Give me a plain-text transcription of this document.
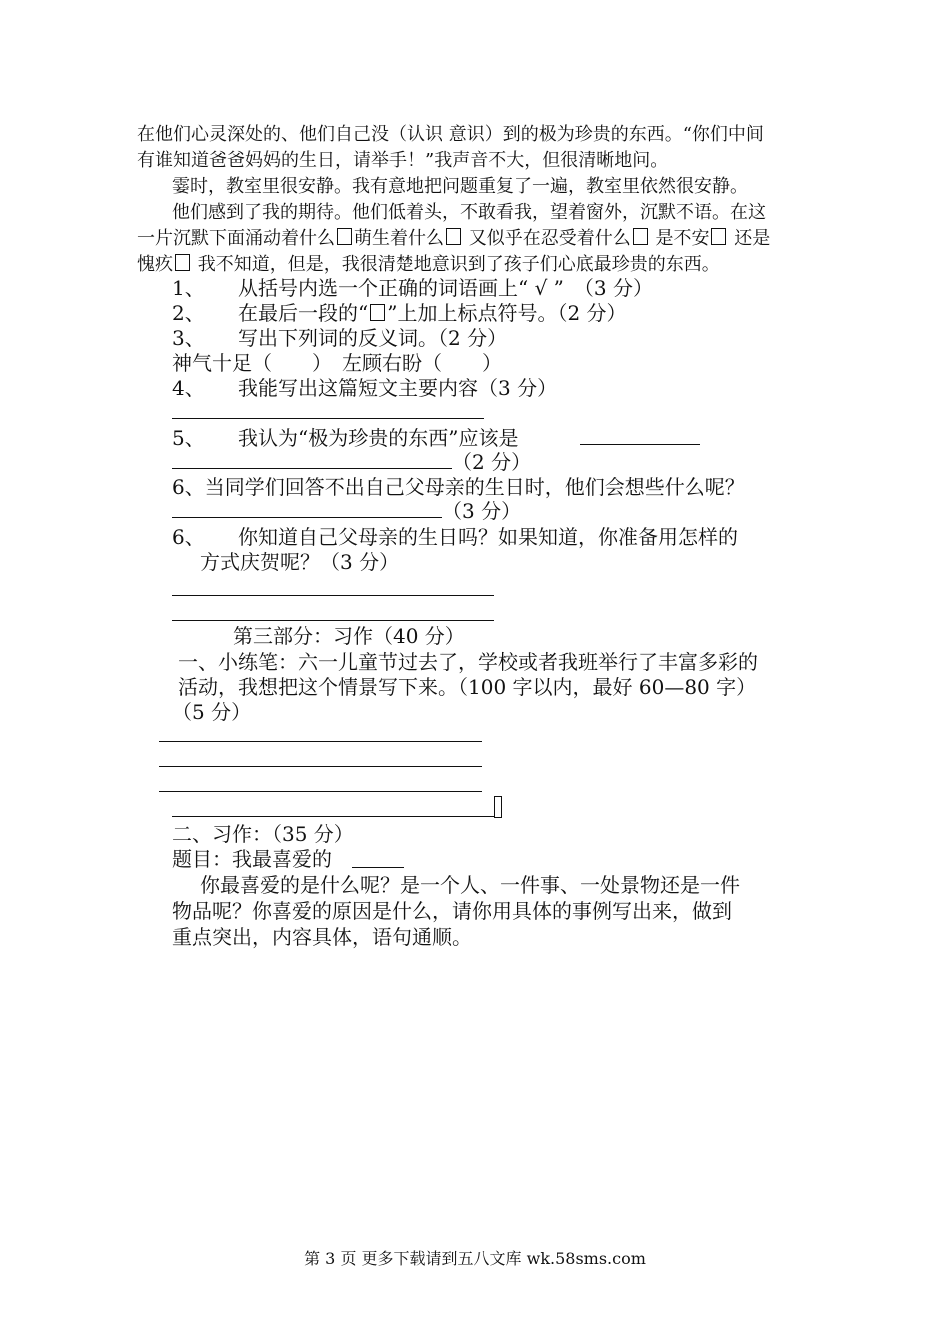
在他们心灵深处的、他们自己没（认识 意识）到的极为珍贵的东西。“你们中间
有谁知道爸爸妈妈的生日，请举手！”我声音不大，但很清晰地问。
霎时，教室里很安静。我有意地把问题重复了一遍，教室里依然很安静。
他们感到了我的期待。他们低着头，不敢看我，望着窗外，沉默不语。在这
一片沉默下面涌动着什么 萌生着什么 又似乎在忍受着什么 是不安 还是
愧疚 我不知道，但是，我很清楚地意识到了孩子们心底最珍贵的东西。
1、 从括号内选一个正确的词语画上“ √ ”　（3 分）
2、 在最后一段的“ ”上加上标点符号。（2 分）
3、 写出下列词的反义词。（2 分）
神气十足（　　）　左顾右盼（　　）
4、 我能写出这篇短文主要内容（3 分）
5、 我认为“极为珍贵的东西”应该是
（2 分）
6、当同学们回答不出自己父母亲的生日时，他们会想些什么呢？
（3 分）
6、 你知道自己父母亲的生日吗？如果知道，你准备用怎样的
方式庆贺呢？（3 分）
第三部分：习作（40 分）
一、小练笔：六一儿童节过去了，学校或者我班举行了丰富多彩的
活动，我想把这个情景写下来。（100 字以内，最好 60—80 字）
（5 分）
二、习作：（35 分）
题目：我最喜爱的
你最喜爱的是什么呢？是一个人、一件事、一处景物还是一件
物品呢？你喜爱的原因是什么，请你用具体的事例写出来，做到
重点突出，内容具体，语句通顺。
第 3 页 更多下载请到五八文库 wk.58sms.com
